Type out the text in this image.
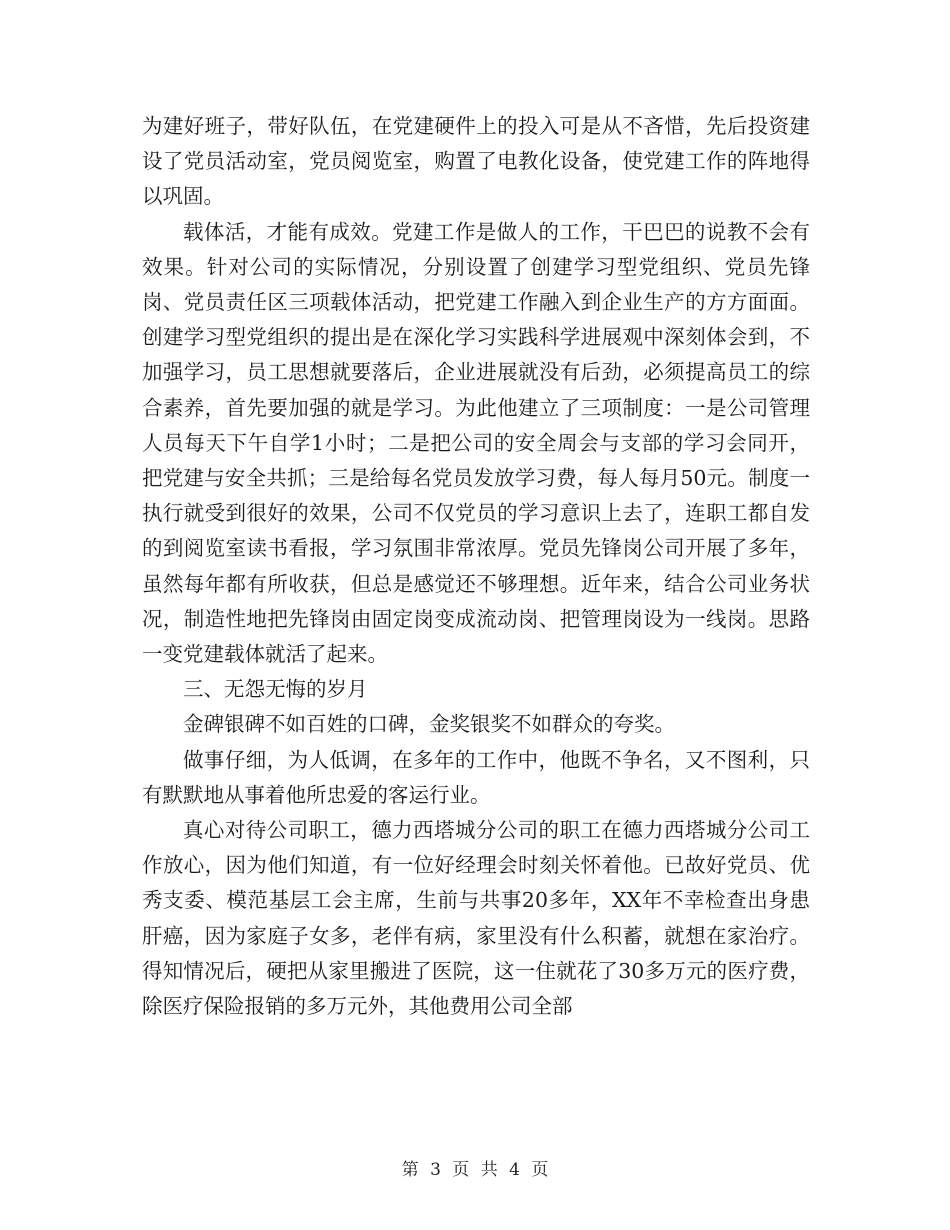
为建好班子，带好队伍，在党建硬件上的投入可是从不吝惜，先后投资建设了党员活动室，党员阅览室，购置了电教化设备，使党建工作的阵地得以巩固。

载体活，才能有成效。党建工作是做人的工作，干巴巴的说教不会有效果。针对公司的实际情况，分别设置了创建学习型党组织、党员先锋岗、党员责任区三项载体活动，把党建工作融入到企业生产的方方面面。创建学习型党组织的提出是在深化学习实践科学进展观中深刻体会到，不加强学习，员工思想就要落后，企业进展就没有后劲，必须提高员工的综合素养，首先要加强的就是学习。为此他建立了三项制度：一是公司管理人员每天下午自学1小时；二是把公司的安全周会与支部的学习会同开，把党建与安全共抓；三是给每名党员发放学习费，每人每月50元。制度一执行就受到很好的效果，公司不仅党员的学习意识上去了，连职工都自发的到阅览室读书看报，学习氛围非常浓厚。党员先锋岗公司开展了多年，虽然每年都有所收获，但总是感觉还不够理想。近年来，结合公司业务状况，制造性地把先锋岗由固定岗变成流动岗、把管理岗设为一线岗。思路一变党建载体就活了起来。

三、无怨无悔的岁月

金碑银碑不如百姓的口碑，金奖银奖不如群众的夸奖。

做事仔细，为人低调，在多年的工作中，他既不争名，又不图利，只有默默地从事着他所忠爱的客运行业。

真心对待公司职工，德力西塔城分公司的职工在德力西塔城分公司工作放心，因为他们知道，有一位好经理会时刻关怀着他。已故好党员、优秀支委、模范基层工会主席，生前与共事20多年，XX年不幸检查出身患肝癌，因为家庭子女多，老伴有病，家里没有什么积蓄，就想在家治疗。得知情况后，硬把从家里搬进了医院，这一住就花了30多万元的医疗费，除医疗保险报销的多万元外，其他费用公司全部

第 3 页 共 4 页
